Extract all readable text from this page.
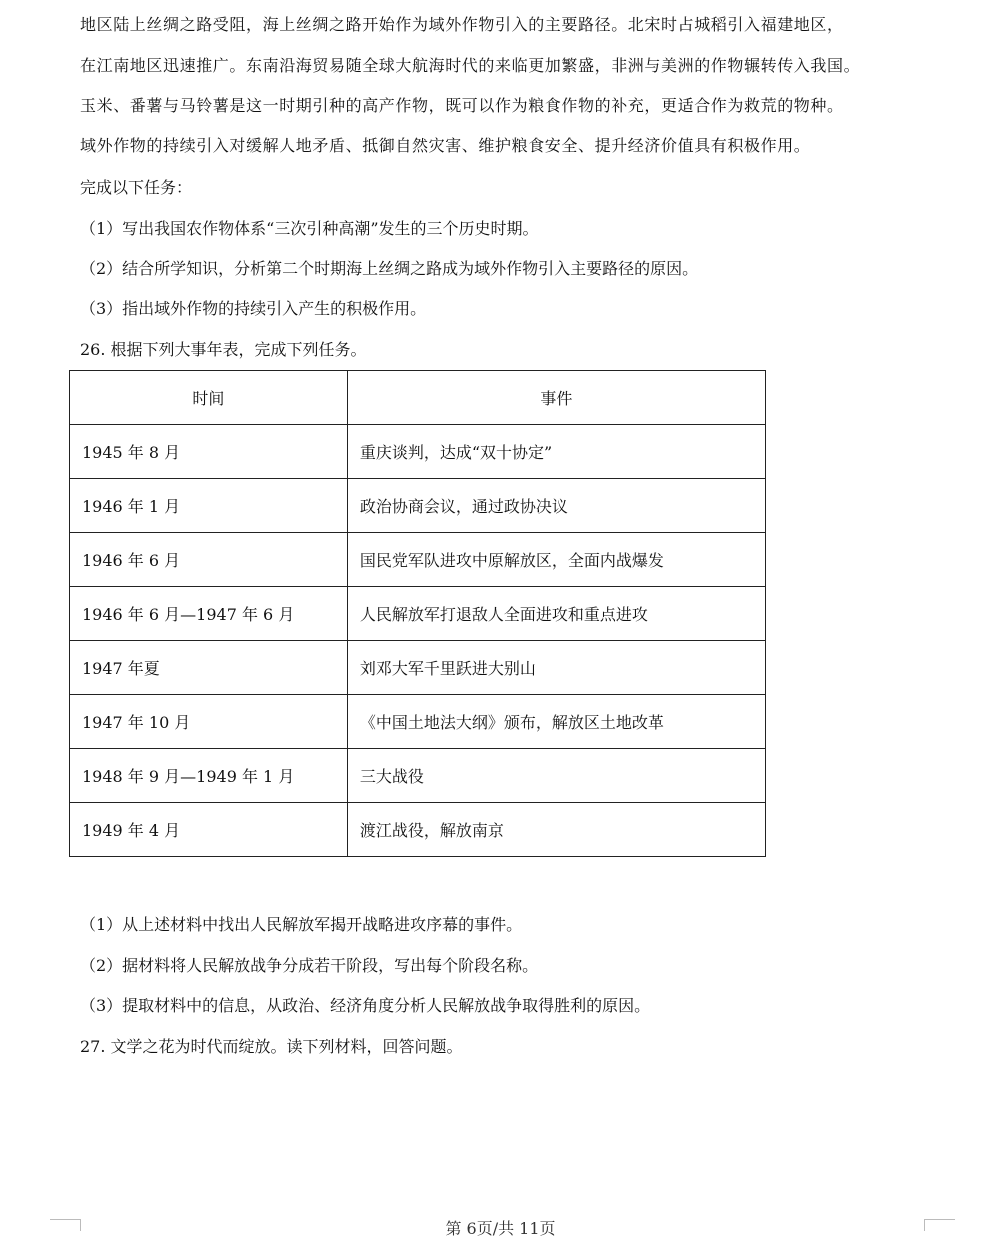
地区陆上丝绸之路受阻，海上丝绸之路开始作为域外作物引入的主要路径。北宋时占城稻引入福建地区，
在江南地区迅速推广。东南沿海贸易随全球大航海时代的来临更加繁盛，非洲与美洲的作物辗转传入我国。
玉米、番薯与马铃薯是这一时期引种的高产作物，既可以作为粮食作物的补充，更适合作为救荒的物种。
域外作物的持续引入对缓解人地矛盾、抵御自然灾害、维护粮食安全、提升经济价值具有积极作用。
完成以下任务：
（1）写出我国农作物体系“三次引种高潮”发生的三个历史时期。
（2）结合所学知识，分析第二个时期海上丝绸之路成为域外作物引入主要路径的原因。
（3）指出域外作物的持续引入产生的积极作用。
26. 根据下列大事年表，完成下列任务。
时间	事件
1945 年 8 月	重庆谈判，达成“双十协定”
1946 年 1 月	政治协商会议，通过政协决议
1946 年 6 月	国民党军队进攻中原解放区，全面内战爆发
1946 年 6 月—1947 年 6 月	人民解放军打退敌人全面进攻和重点进攻
1947 年夏	刘邓大军千里跃进大别山
1947 年 10 月	《中国土地法大纲》颁布，解放区土地改革
1948 年 9 月—1949 年 1 月	三大战役
1949 年 4 月	渡江战役，解放南京
（1）从上述材料中找出人民解放军揭开战略进攻序幕的事件。
（2）据材料将人民解放战争分成若干阶段，写出每个阶段名称。
（3）提取材料中的信息，从政治、经济角度分析人民解放战争取得胜利的原因。
27. 文学之花为时代而绽放。读下列材料，回答问题。
第 6页/共 11页
